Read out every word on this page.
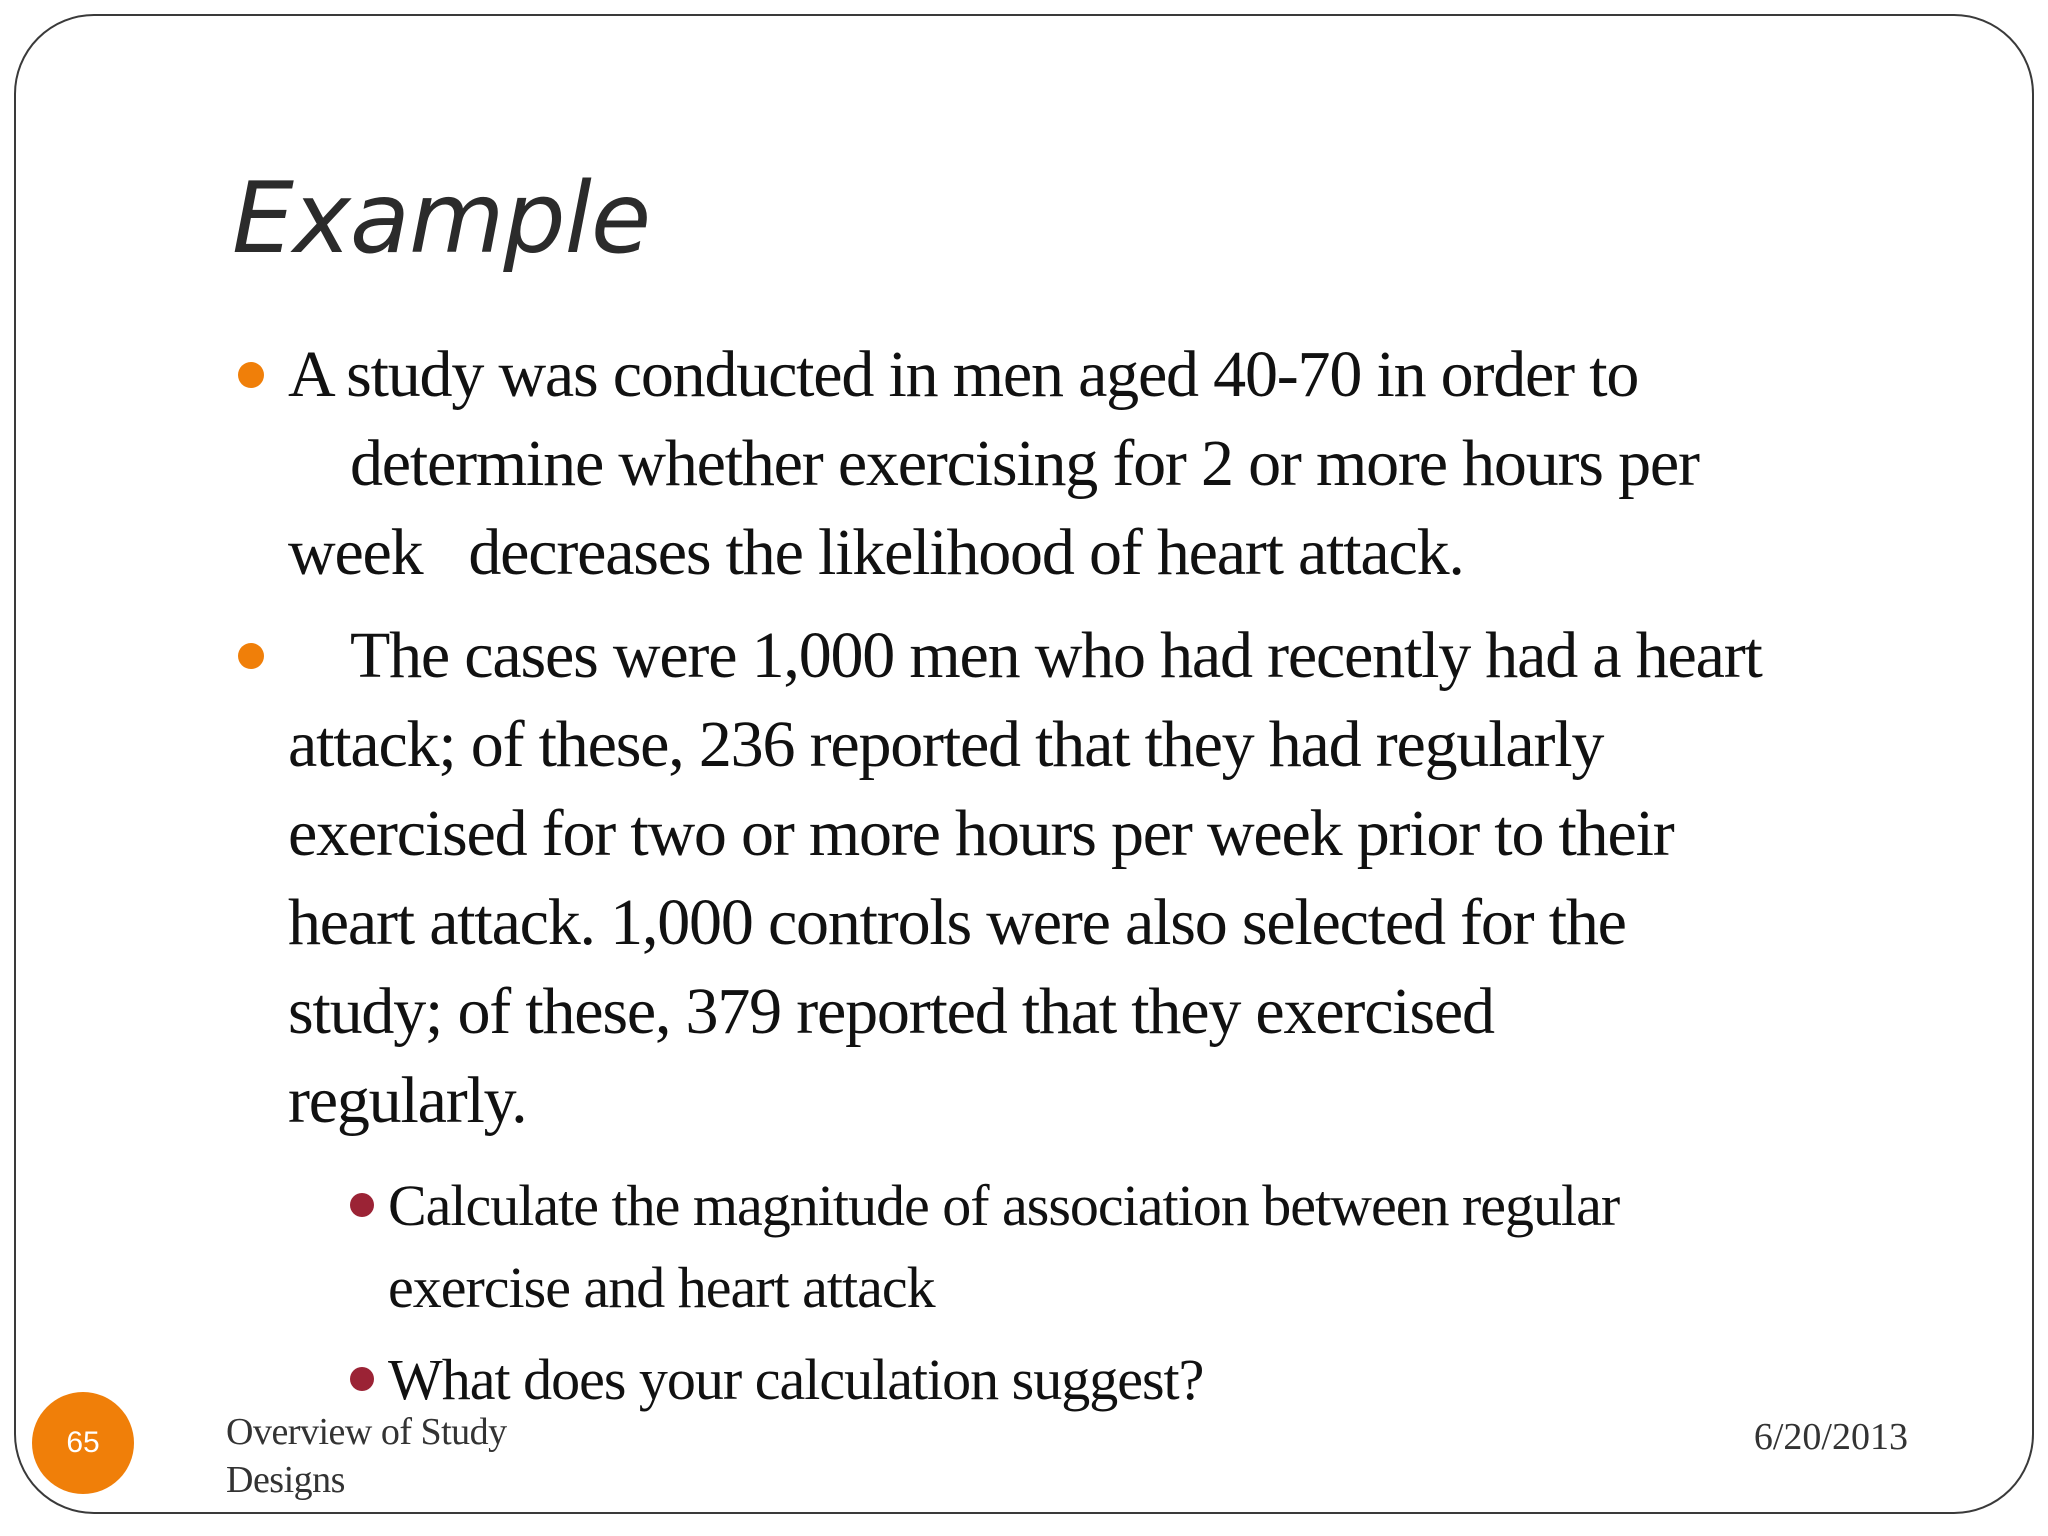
Example
A study was conducted in men aged 40-70 in order to
determine whether exercising for 2 or more hours per
week   decreases the likelihood of heart attack.
The cases were 1,000 men who had recently had a heart
attack; of these, 236 reported that they had regularly
exercised for two or more hours per week prior to their
heart attack. 1,000 controls were also selected for the
study; of these, 379 reported that they exercised
regularly.
Calculate the magnitude of association between regular
exercise and heart attack
What does your calculation suggest?
65	Overview of Study
Designs
6/20/2013
